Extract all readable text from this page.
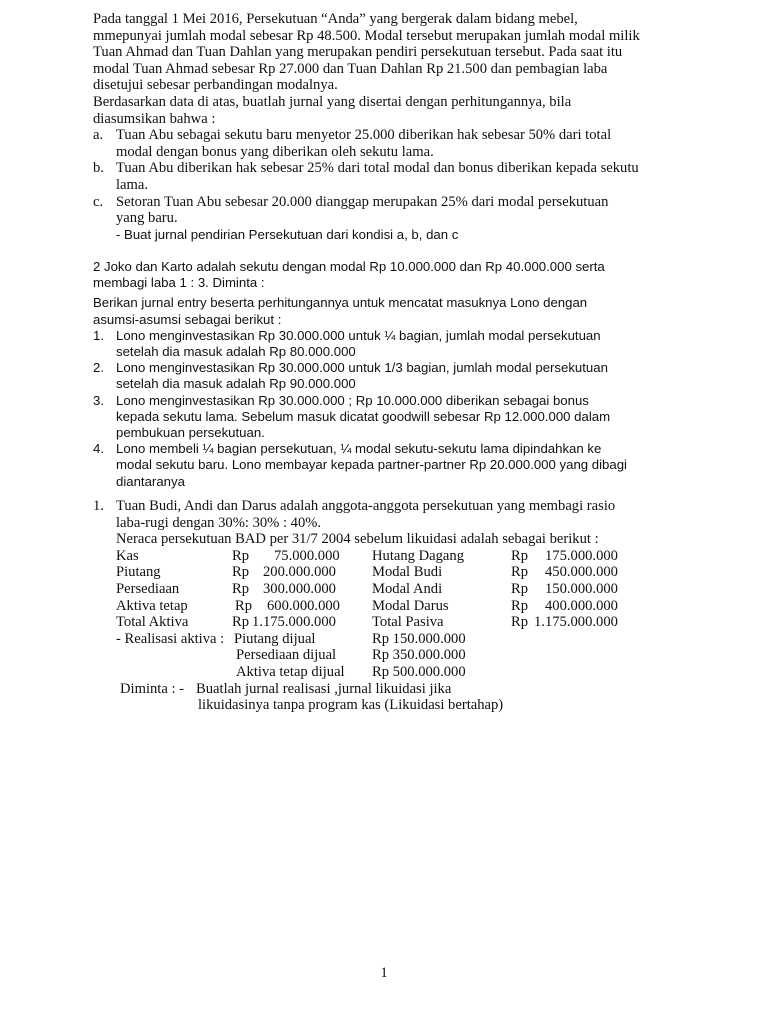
Pada tanggal 1 Mei 2016, Persekutuan “Anda” yang bergerak dalam bidang mebel,

mmepunyai jumlah modal sebesar Rp 48.500. Modal tersebut merupakan jumlah modal milik

Tuan Ahmad dan Tuan Dahlan yang merupakan pendiri persekutuan tersebut. Pada saat itu

modal Tuan Ahmad sebesar Rp 27.000 dan Tuan Dahlan Rp 21.500 dan pembagian laba

disetujui sebesar perbandingan modalnya.

Berdasarkan data di atas, buatlah jurnal yang disertai dengan perhitungannya, bila

diasumsikan bahwa :

a. Tuan Abu sebagai sekutu baru menyetor 25.000 diberikan hak sebesar 50% dari total

modal dengan bonus yang diberikan oleh sekutu lama.

b. Tuan Abu diberikan hak sebesar 25% dari total modal dan bonus diberikan kepada sekutu

lama.

c. Setoran Tuan Abu sebesar 20.000 dianggap merupakan 25% dari modal persekutuan

yang baru.

- Buat jurnal pendirian Persekutuan dari kondisi a, b, dan c

2 Joko dan Karto adalah sekutu dengan modal Rp 10.000.000 dan Rp 40.000.000 serta

membagi laba 1 : 3. Diminta :

Berikan jurnal entry beserta perhitungannya untuk mencatat masuknya Lono dengan

asumsi-asumsi sebagai berikut :

1. Lono menginvestasikan Rp 30.000.000 untuk ¼ bagian, jumlah modal persekutuan

setelah dia masuk adalah Rp 80.000.000

2. Lono menginvestasikan Rp 30.000.000 untuk 1/3 bagian, jumlah modal persekutuan

setelah dia masuk adalah Rp 90.000.000

3. Lono menginvestasikan Rp 30.000.000 ; Rp 10.000.000 diberikan sebagai bonus

kepada sekutu lama. Sebelum masuk dicatat goodwill sebesar Rp 12.000.000 dalam

pembukuan persekutuan.

4. Lono membeli ¼ bagian persekutuan, ¼ modal sekutu-sekutu lama dipindahkan ke

modal sekutu baru. Lono membayar kepada partner-partner Rp 20.000.000 yang dibagi

diantaranya

1. Tuan Budi, Andi dan Darus adalah anggota-anggota persekutuan yang membagi rasio

laba-rugi dengan 30%: 30% : 40%.

Neraca persekutuan BAD per 31/7 2004 sebelum likuidasi adalah sebagai berikut :

Kas	Rp 75.000.000 Hutang Dagang	Rp 175.000.000
Piutang	Rp 200.000.000 Modal Budi	Rp 450.000.000
Persediaan	Rp 300.000.000 Modal Andi	Rp 150.000.000
Aktiva tetap	Rp 600.000.000 Modal Darus	Rp 400.000.000
Total Aktiva	Rp 1.175.000.000 Total Pasiva	Rp 1.175.000.000
- Realisasi aktiva : Piutang dijual	Rp 150.000.000
Persediaan dijual Rp 350.000.000
Aktiva tetap dijual Rp 500.000.000
Diminta : - Buatlah jurnal realisasi ,jurnal likuidasi jika
likuidasinya tanpa program kas (Likuidasi bertahap)
1
